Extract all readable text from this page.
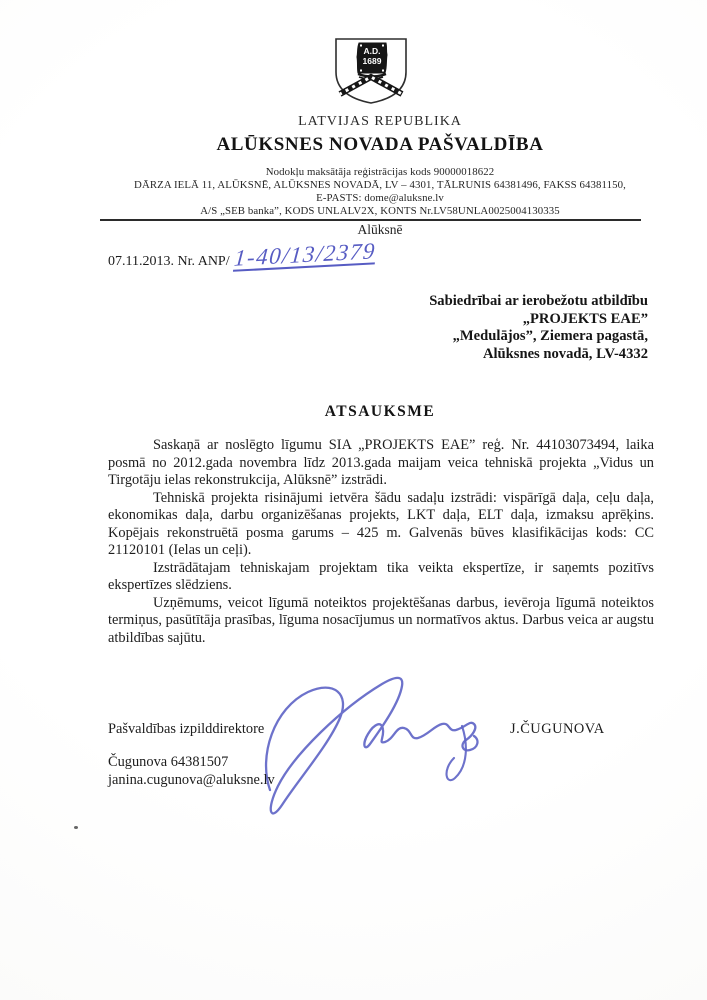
A.D.
1689
LATVIJAS REPUBLIKA
ALŪKSNES NOVADA PAŠVALDĪBA
Nodokļu maksātāja reģistrācijas kods 90000018622
DĀRZA IELĀ 11, ALŪKSNĒ, ALŪKSNES NOVADĀ, LV – 4301, TĀLRUNIS 64381496, FAKSS 64381150,
E-PASTS: dome@aluksne.lv
A/S „SEB banka”, KODS UNLALV2X, KONTS Nr.LV58UNLA0025004130335
Alūksnē
07.11.2013. Nr. ANP/ 1-40/13/2379
Sabiedrībai ar ierobežotu atbildību
„PROJEKTS EAE”
„Medulājos”, Ziemera pagastā,
Alūksnes novadā, LV-4332
ATSAUKSME

Saskaņā ar noslēgto līgumu SIA „PROJEKTS EAE” reģ. Nr. 44103073494, laika posmā no 2012.gada novembra līdz 2013.gada maijam veica tehniskā projekta „Vidus un Tirgotāju ielas rekonstrukcija, Alūksnē” izstrādi.

Tehniskā projekta risinājumi ietvēra šādu sadaļu izstrādi: vispārīgā daļa, ceļu daļa, ekonomikas daļa, darbu organizēšanas projekts, LKT daļa, ELT daļa, izmaksu aprēķins. Kopējais rekonstruētā posma garums – 425 m. Galvenās būves klasifikācijas kods: CC 21120101 (Ielas un ceļi).

Izstrādātajam tehniskajam projektam tika veikta ekspertīze, ir saņemts pozitīvs ekspertīzes slēdziens.

Uzņēmums, veicot līgumā noteiktos projektēšanas darbus, ievēroja līgumā noteiktos termiņus, pasūtītāja prasības, līguma nosacījumus un normatīvos aktus. Darbus veica ar augstu atbildības sajūtu.

Pašvaldības izpilddirektore	J.ČUGUNOVA
Čugunova 64381507
janina.cugunova@aluksne.lv
